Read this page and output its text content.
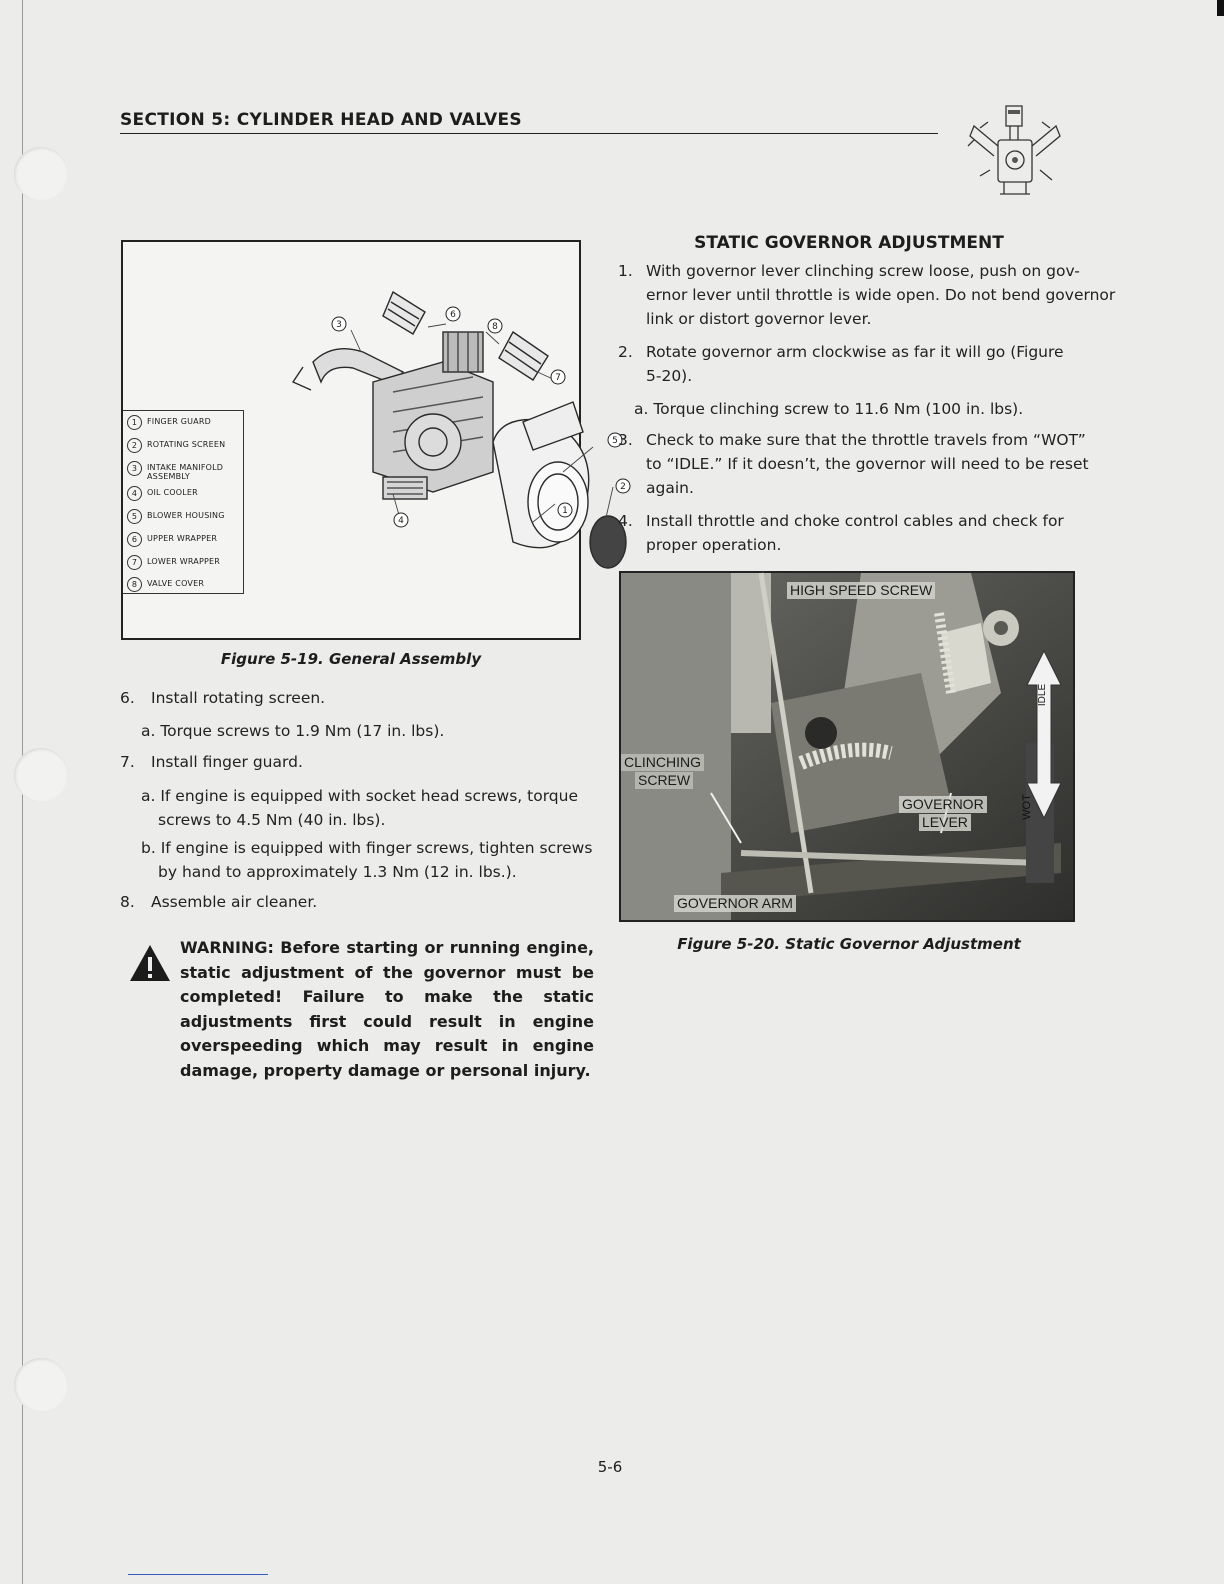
SECTION 5: CYLINDER HEAD AND VALVES
1	FINGER GUARD
2	ROTATING SCREEN
3	INTAKE MANIFOLD ASSEMBLY
4	OIL COOLER
5	BLOWER HOUSING
6	UPPER WRAPPER
7	LOWER WRAPPER
8	VALVE COVER
3
6
8
7
5
2
1
4
Figure 5-19. General Assembly
6. Install rotating screen.
a. Torque screws to 1.9 Nm (17 in. lbs).
7. Install finger guard.
a. If engine is equipped with socket head screws, torque
screws to 4.5 Nm (40 in. lbs).
b. If engine is equipped with finger screws, tighten screws
by hand to approximately 1.3 Nm (12 in. lbs.).
8. Assemble air cleaner.
WARNING: Before starting or running engine, static adjustment of the governor must be completed! Failure to make the static adjustments first could result in engine overspeeding which may result in engine damage, property damage or personal injury.
STATIC GOVERNOR ADJUSTMENT
1. With governor lever clinching screw loose, push on gov-
ernor lever until throttle is wide open. Do not bend governor
link or distort governor lever.
2. Rotate governor arm clockwise as far it will go (Figure
5-20).
a. Torque clinching screw to 11.6 Nm (100 in. lbs).
3. Check to make sure that the throttle travels from “WOT”
to “IDLE.” If it doesn’t, the governor will need to be reset
again.
4. Install throttle and choke control cables and check for
proper operation.
HIGH SPEED SCREW
CLINCHING
SCREW
GOVERNOR
LEVER
GOVERNOR ARM
IDLE
WOT
Figure 5-20. Static Governor Adjustment
5-6
